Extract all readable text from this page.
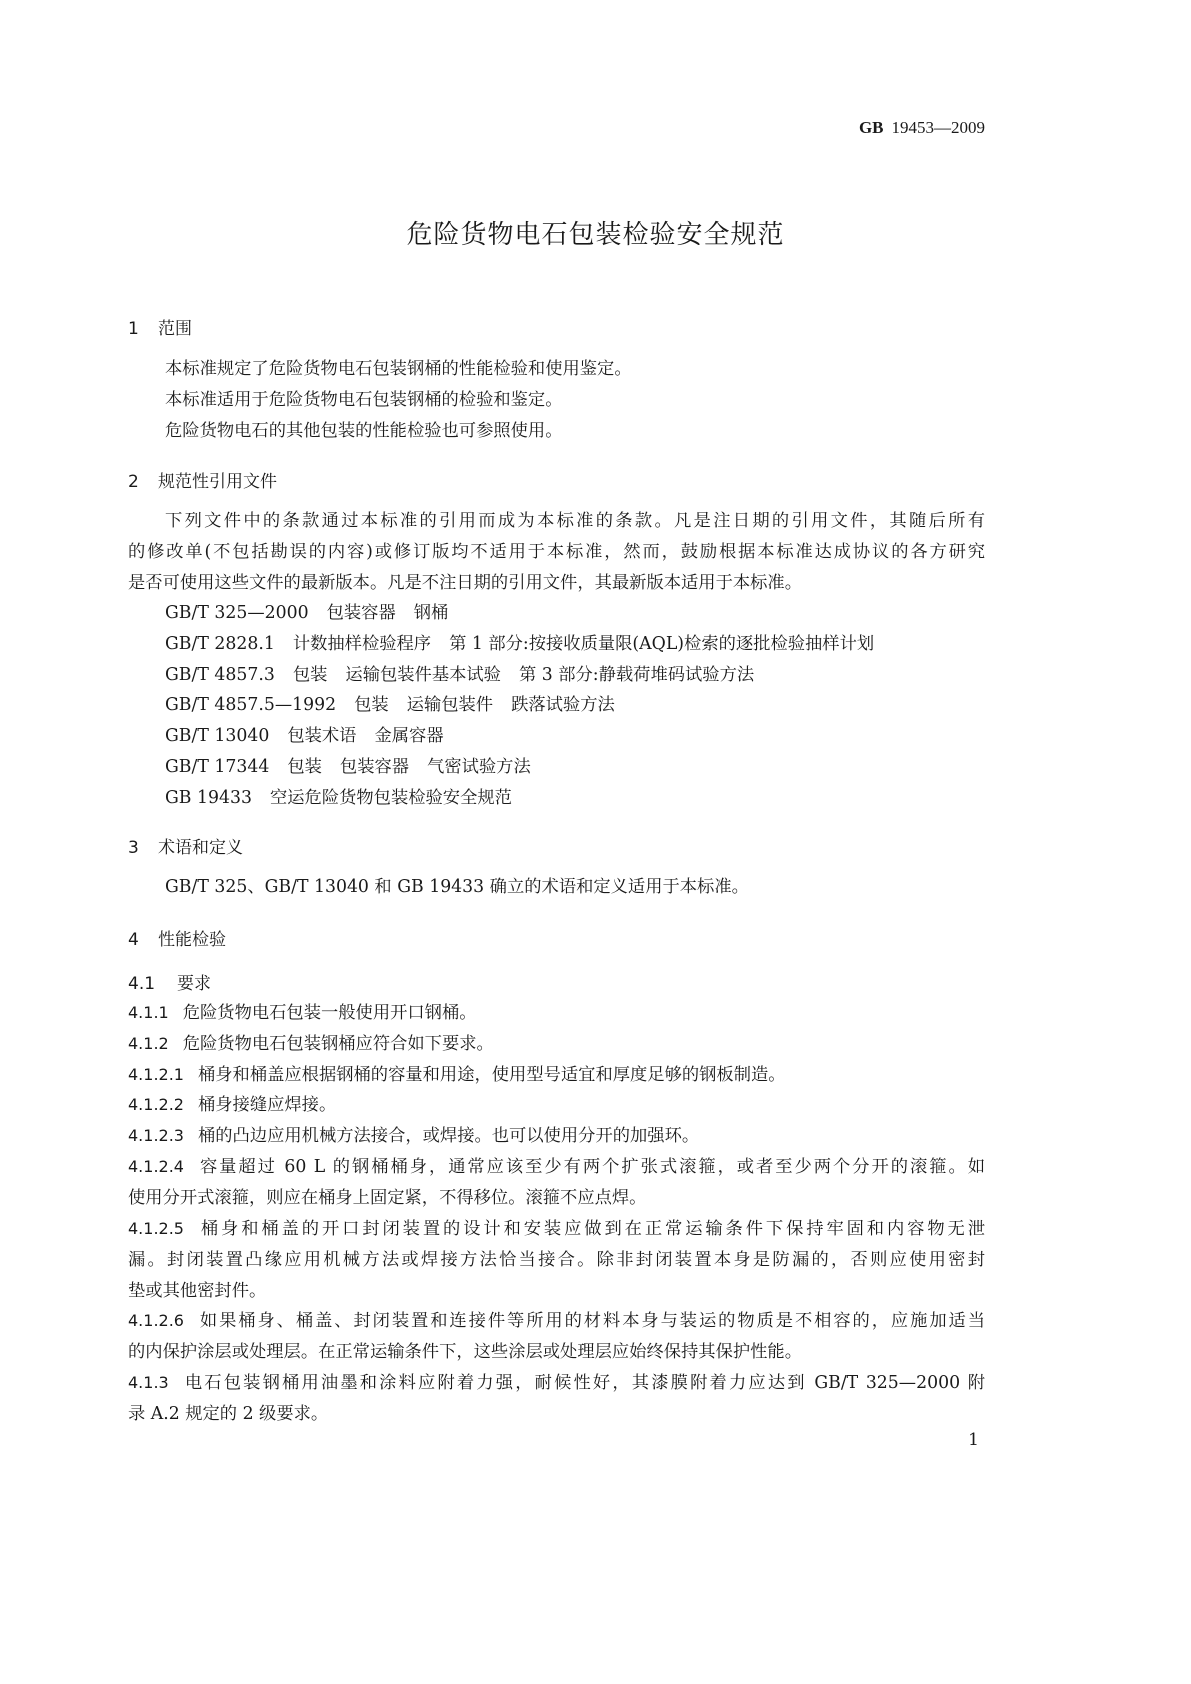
GB 19453—2009
危险货物电石包装检验安全规范
1 范围
本标准规定了危险货物电石包装钢桶的性能检验和使用鉴定。
本标准适用于危险货物电石包装钢桶的检验和鉴定。
危险货物电石的其他包装的性能检验也可参照使用。
2 规范性引用文件
下列文件中的条款通过本标准的引用而成为本标准的条款。凡是注日期的引用文件，其随后所有
的修改单(不包括勘误的内容)或修订版均不适用于本标准，然而，鼓励根据本标准达成协议的各方研究
是否可使用这些文件的最新版本。凡是不注日期的引用文件，其最新版本适用于本标准。
GB/T 325—2000 包装容器 钢桶
GB/T 2828.1 计数抽样检验程序 第 1 部分:按接收质量限(AQL)检索的逐批检验抽样计划
GB/T 4857.3 包装 运输包装件基本试验 第 3 部分:静载荷堆码试验方法
GB/T 4857.5—1992 包装 运输包装件 跌落试验方法
GB/T 13040 包装术语 金属容器
GB/T 17344 包装 包装容器 气密试验方法
GB 19433 空运危险货物包装检验安全规范
3 术语和定义
GB/T 325、GB/T 13040 和 GB 19433 确立的术语和定义适用于本标准。
4 性能检验
4.1 要求
4.1.1 危险货物电石包装一般使用开口钢桶。
4.1.2 危险货物电石包装钢桶应符合如下要求。
4.1.2.1 桶身和桶盖应根据钢桶的容量和用途，使用型号适宜和厚度足够的钢板制造。
4.1.2.2 桶身接缝应焊接。
4.1.2.3 桶的凸边应用机械方法接合，或焊接。也可以使用分开的加强环。
4.1.2.4 容量超过 60 L 的钢桶桶身，通常应该至少有两个扩张式滚箍，或者至少两个分开的滚箍。如
使用分开式滚箍，则应在桶身上固定紧，不得移位。滚箍不应点焊。
4.1.2.5 桶身和桶盖的开口封闭装置的设计和安装应做到在正常运输条件下保持牢固和内容物无泄
漏。封闭装置凸缘应用机械方法或焊接方法恰当接合。除非封闭装置本身是防漏的，否则应使用密封
垫或其他密封件。
4.1.2.6 如果桶身、桶盖、封闭装置和连接件等所用的材料本身与装运的物质是不相容的，应施加适当
的内保护涂层或处理层。在正常运输条件下，这些涂层或处理层应始终保持其保护性能。
4.1.3 电石包装钢桶用油墨和涂料应附着力强，耐候性好，其漆膜附着力应达到 GB/T 325—2000 附
录 A.2 规定的 2 级要求。
1
